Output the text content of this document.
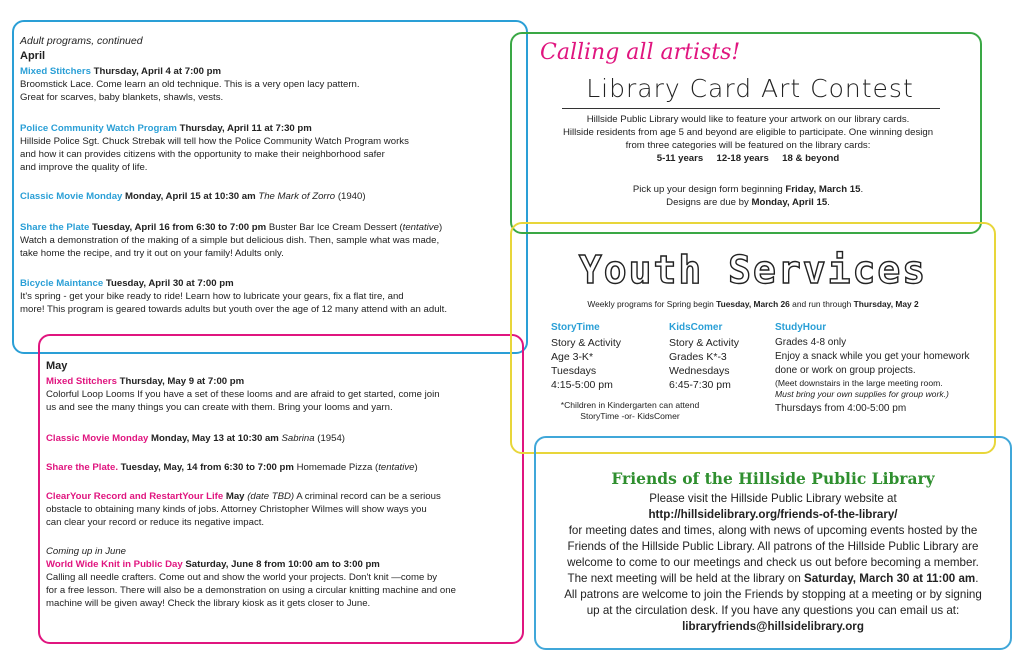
Adult programs, continued

April

Mixed Stitchers Thursday, April 4 at 7:00 pm

Broomstick Lace. Come learn an old technique. This is a very open lacy pattern.

Great for scarves, baby blankets, shawls, vests.

Police Community Watch Program Thursday, April 11 at 7:30 pm

Hillside Police Sgt. Chuck Strebak will tell how the Police Community Watch Program works

and how it can provides citizens with the opportunity to make their neighborhood safer

and improve the quality of life.

Classic Movie Monday Monday, April 15 at 10:30 am The Mark of Zorro (1940)

Share the Plate Tuesday, April 16 from 6:30 to 7:00 pm Buster Bar Ice Cream Dessert (tentative)

Watch a demonstration of the making of a simple but delicious dish. Then, sample what was made,

take home the recipe, and try it out on your family! Adults only.

Bicycle Maintance Tuesday, April 30 at 7:00 pm

It's spring - get your bike ready to ride! Learn how to lubricate your gears, fix a flat tire, and

more! This program is geared towards adults but youth over the age of 12 many attend with an adult.

May

Mixed Stitchers Thursday, May 9 at 7:00 pm

Colorful Loop Looms If you have a set of these looms and are afraid to get started, come join

us and see the many things you can create with them. Bring your looms and yarn.

Classic Movie Monday Monday, May 13 at 10:30 am Sabrina (1954)

Share the Plate. Tuesday, May, 14 from 6:30 to 7:00 pm Homemade Pizza (tentative)

ClearYour Record and RestartYour Life May (date TBD) A criminal record can be a serious

obstacle to obtaining many kinds of jobs. Attorney Christopher Wilmes will show ways you

can clear your record or reduce its negative impact.

Coming up in June

World Wide Knit in Public Day Saturday, June 8 from 10:00 am to 3:00 pm

Calling all needle crafters. Come out and show the world your projects. Don't knit —come by

for a free lesson. There will also be a demonstration on using a circular knitting machine and one

machine will be given away! Check the library kiosk as it gets closer to June.

Calling all artists!

Library Card Art Contest

Hillside Public Library would like to feature your artwork on our library cards.

Hillside residents from age 5 and beyond are eligible to participate. One winning design

from three categories will be featured on the library cards:

5-11 years     12-18 years     18 & beyond

Pick up your design form beginning Friday, March 15.

Designs are due by Monday, April 15.

Youth Services

Weekly programs for Spring begin Tuesday, March 26 and run through Thursday, May 2

StoryTime

Story & Activity

Age 3-K*

Tuesdays

4:15-5:00 pm

KidsComer

Story & Activity

Grades K*-3

Wednesdays

6:45-7:30 pm

StudyHour

Grades 4-8 only

Enjoy a snack while you get your homework

done or work on group projects.

(Meet downstairs in the large meeting room.

Must bring your own supplies for group work.)

Thursdays from 4:00-5:00 pm

*Children in Kindergarten can attend

StoryTime -or- KidsComer

Friends of the Hillside Public Library

Please visit the Hillside Public Library website at

http://hillsidelibrary.org/friends-of-the-library/

for meeting dates and times, along with news of upcoming events hosted by the

Friends of the Hillside Public Library. All patrons of the Hillside Public Library are

welcome to come to our meetings and check us out before becoming a member.

The next meeting will be held at the library on Saturday, March 30 at 11:00 am.

All patrons are welcome to join the Friends by stopping at a meeting or by signing

up at the circulation desk. If you have any questions you can email us at:

libraryfriends@hillsidelibrary.org
